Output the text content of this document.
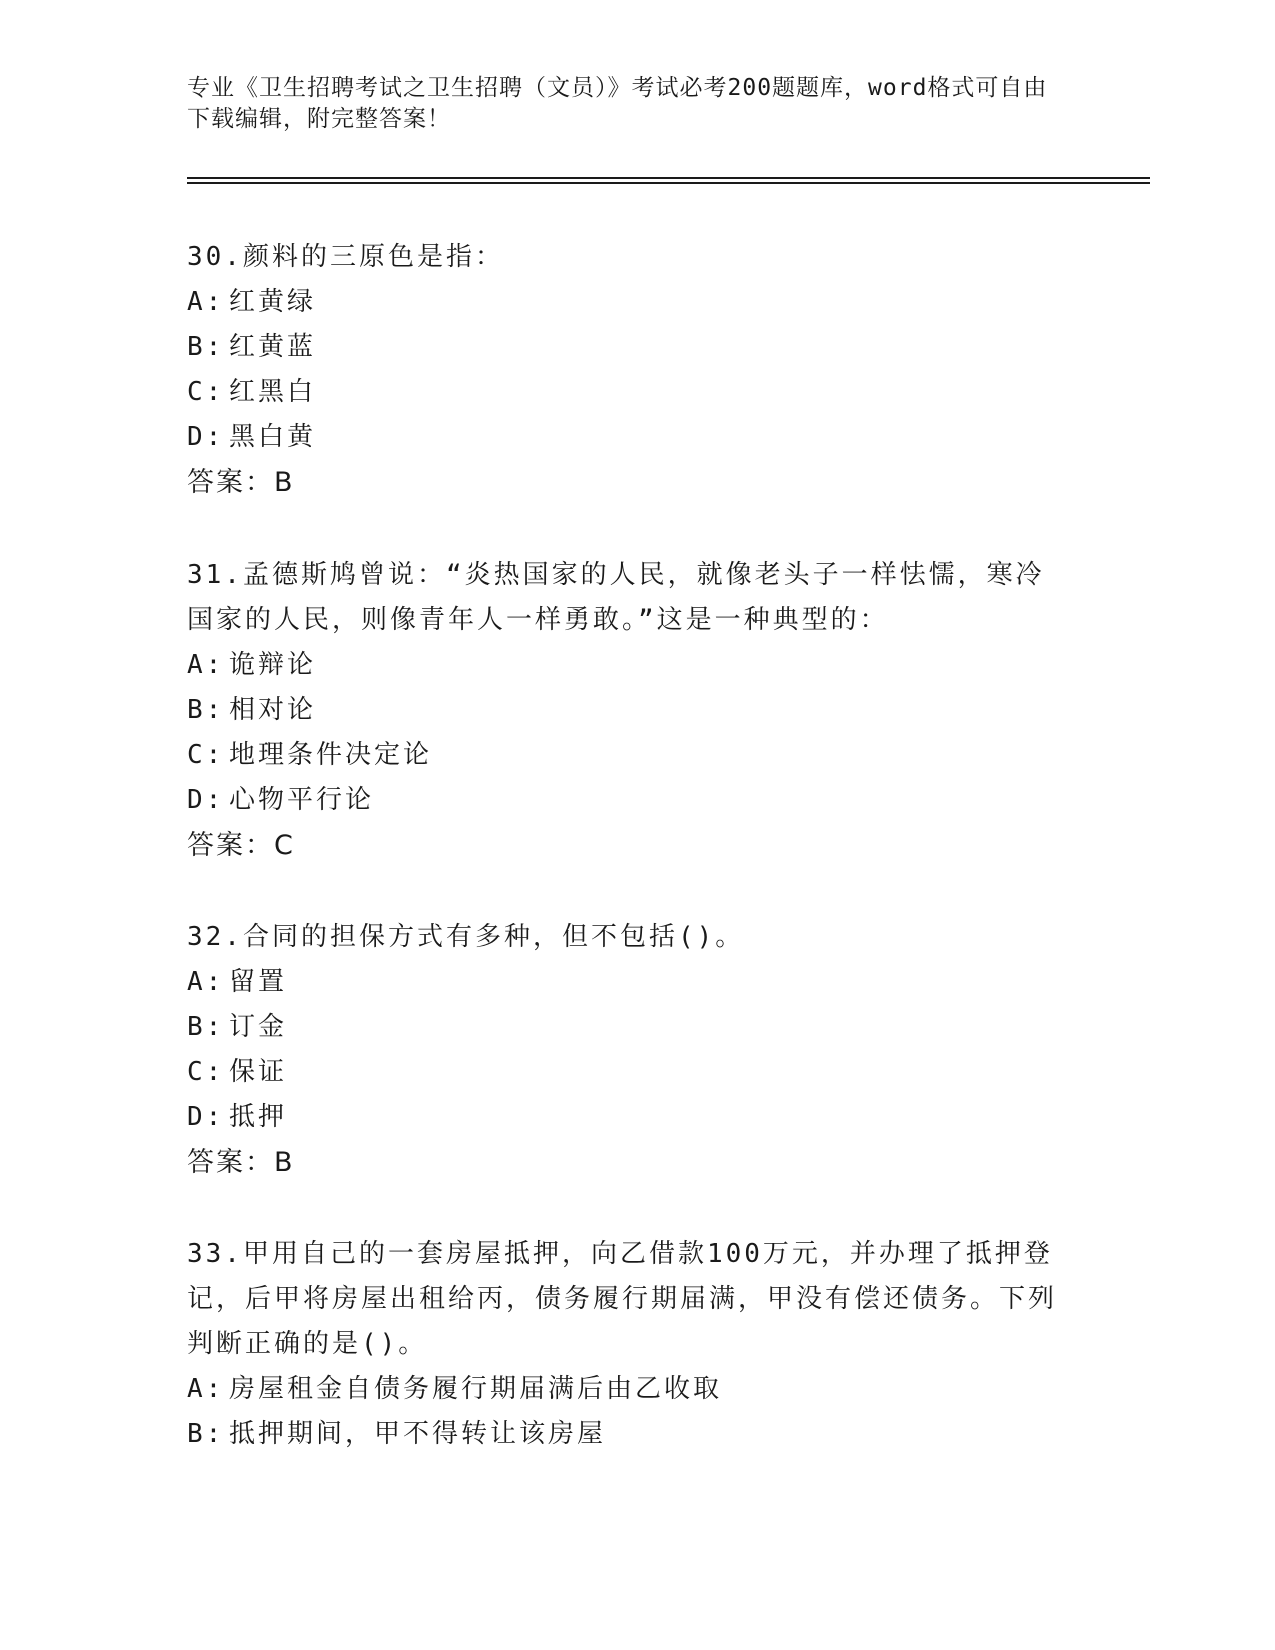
专业《卫生招聘考试之卫生招聘（文员）》考试必考200题题库，word格式可自由下载编辑，附完整答案！

30.颜料的三原色是指：

A: 红黄绿

B: 红黄蓝

C: 红黑白

D: 黑白黄

答案：B

31.孟德斯鸠曾说：“炎热国家的人民，就像老头子一样怯懦，寒冷国家的人民，则像青年人一样勇敢。”这是一种典型的：

A: 诡辩论

B: 相对论

C: 地理条件决定论

D: 心物平行论

答案：C

32.合同的担保方式有多种，但不包括()。

A: 留置

B: 订金

C: 保证

D: 抵押

答案：B

33.甲用自己的一套房屋抵押，向乙借款100万元，并办理了抵押登记，后甲将房屋出租给丙，债务履行期届满，甲没有偿还债务。下列判断正确的是()。

A: 房屋租金自债务履行期届满后由乙收取

B: 抵押期间，甲不得转让该房屋
